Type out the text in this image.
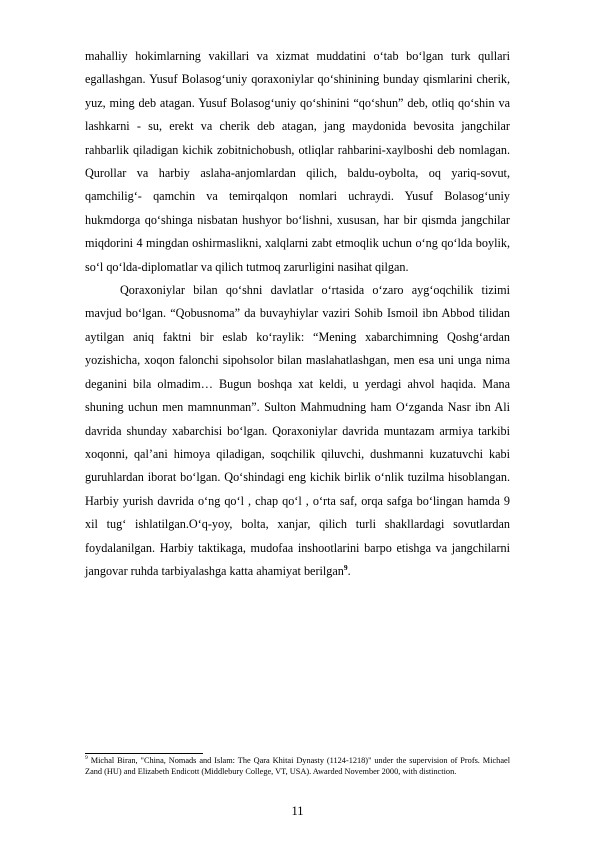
mahalliy hokimlarning vakillari va xizmat muddatini o‘tab bo‘lgan turk qullari egallashgan. Yusuf Bolasog‘uniy qoraxoniylar qo‘shinining bunday qismlarini cherik, yuz, ming deb atagan. Yusuf Bolasog‘uniy qo‘shinini “qo‘shun” deb, otliq qo‘shin va lashkarni - su, erekt va cherik deb atagan, jang maydonida bevosita jangchilar rahbarlik qiladigan kichik zobitnichobush, otliqlar rahbarini-xaylboshi deb nomlagan. Qurollar va harbiy aslaha-anjomlardan qilich, baldu-oybolta, oq yariq-sovut, qamchilig‘- qamchin va temirqalqon nomlari uchraydi. Yusuf Bolasog‘uniy hukmdorga qo‘shinga nisbatan hushyor bo‘lishni, xususan, har bir qismda jangchilar miqdorini 4 mingdan oshirmaslikni, xalqlarni zabt etmoqlik uchun o‘ng qo‘lda boylik, so‘l qo‘lda-diplomatlar va qilich tutmoq zarurligini nasihat qilgan.

Qoraxoniylar bilan qo‘shni davlatlar o‘rtasida o‘zaro ayg‘oqchilik tizimi mavjud bo‘lgan. “Qobusnoma” da buvayhiylar vaziri Sohib Ismoil ibn Abbod tilidan aytilgan aniq faktni bir eslab ko‘raylik: “Mening xabarchimning Qoshg‘ardan yozishicha, xoqon falonchi sipohsolor bilan maslahatlashgan, men esa uni unga nima deganini bila olmadim… Bugun boshqa xat keldi, u yerdagi ahvol haqida. Mana shuning uchun men mamnunman”. Sulton Mahmudning ham O‘zganda Nasr ibn Ali davrida shunday xabarchisi bo‘lgan. Qoraxoniylar davrida muntazam armiya tarkibi xoqonni, qal’ani himoya qiladigan, soqchilik qiluvchi, dushmanni kuzatuvchi kabi guruhlardan iborat bo‘lgan. Qo‘shindagi eng kichik birlik o‘nlik tuzilma hisoblangan. Harbiy yurish davrida o‘ng qo‘l , chap qo‘l , o‘rta saf, orqa safga bo‘lingan hamda 9 xil tug‘ ishlatilgan.O‘q-yoy, bolta, xanjar, qilich turli shakllardagi sovutlardan foydalanilgan. Harbiy taktikaga, mudofaa inshootlarini barpo etishga va jangchilarni jangovar ruhda tarbiyalashga katta ahamiyat berilgan$^9$.

$^9$ Michal Biran, "China, Nomads and Islam: The Qara Khitai Dynasty (1124-1218)" under the supervision of Profs. Michael Zand (HU) and Elizabeth Endicott (Middlebury College, VT, USA). Awarded November 2000, with distinction.
11
